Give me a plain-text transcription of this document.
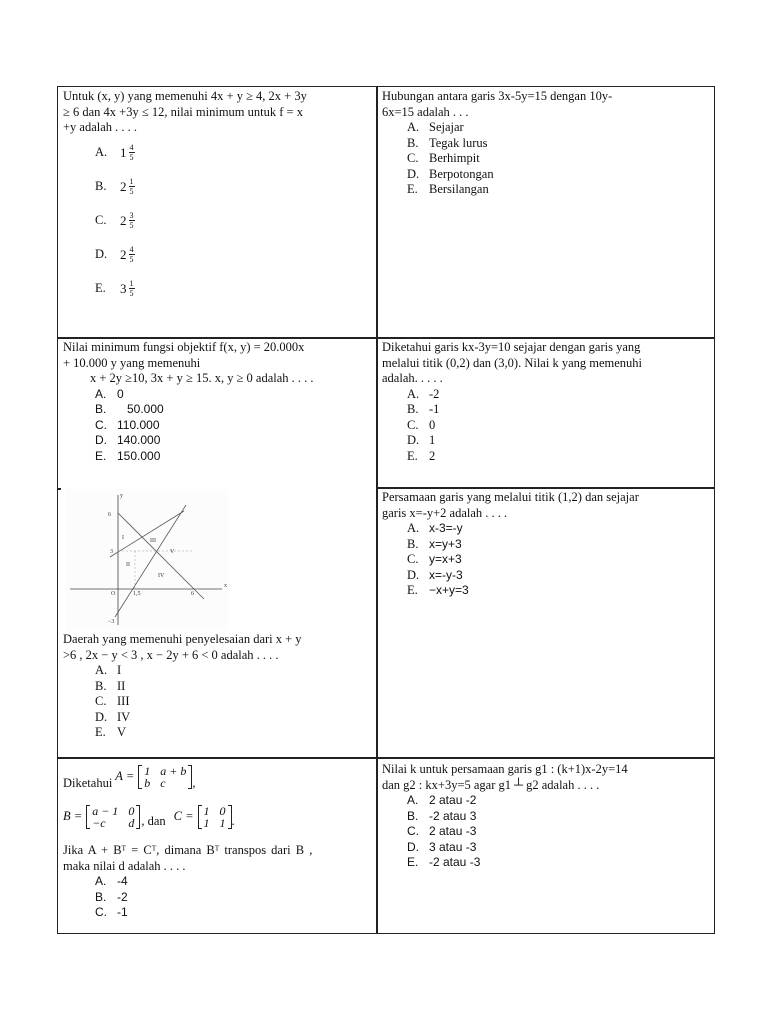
Untuk (x, y) yang memenuhi 4x + y ≥ 4, 2x + 3y

≥ 6 dan 4x +3y ≤ 12, nilai minimum untuk f = x

+y adalah . . . .

A. $1 \frac{4}{5}$
B.	$2 \frac{1}{5}$
C.	$2 \frac{3}{5}$
D. $2 \frac{4}{5}$
E.	$3 \frac{1}{5}$

Hubungan antara garis 3x-5y=15 dengan 10y-

6x=15 adalah . . .

A. Sejajar
B. Tegak lurus
C. Berhimpit
D. Berpotongan
E. Bersilangan

Nilai minimum fungsi objektif f(x, y) = 20.000x

+ 10.000 y yang memenuhi

x + 2y ≥10, 3x + y ≥ 15. x, y ≥ 0 adalah . . . .

A. 0
B. 50.000
C. 110.000
D. 140.000
E. 150.000

Diketahui garis kx-3y=10 sejajar dengan garis yang

melalui titik (0,2) dan (3,0). Nilai k yang memenuhi

adalah. . . . .

A. -2
B. -1
C. 0
D. 1
E. 2
x
y
6
3
O	1,5	6
−3
I
II
III
IV
V

Daerah yang memenuhi penyelesaian dari x + y

>6 , 2x − y < 3 , x − 2y + 6 < 0 adalah . . . .

A. I
B. II
C. III
D. IV
E. V

Persamaan garis yang melalui titik (1,2) dan sejajar

garis x=-y+2 adalah . . . .

A. x-3=-y
B. x=y+3
C. y=x+3
D. x=-y-3
E. −x+y=3
Diketahui A = 1 a + b
b c	,
B = a − 1 0
−c	d , dan C = 1 0
1 1 .

Jika A + Bᵀ = Cᵀ, dimana Bᵀ transpos dari B ,

maka nilai d adalah . . . .

A. -4
B. -2
C. -1

Nilai k untuk persamaan garis g1 : (k+1)x-2y=14

dan g2 : kx+3y=5 agar g1 ┴ g2 adalah . . . .

A. 2 atau -2
B. -2 atau 3
C. 2 atau -3
D. 3 atau -3
E. -2 atau -3
